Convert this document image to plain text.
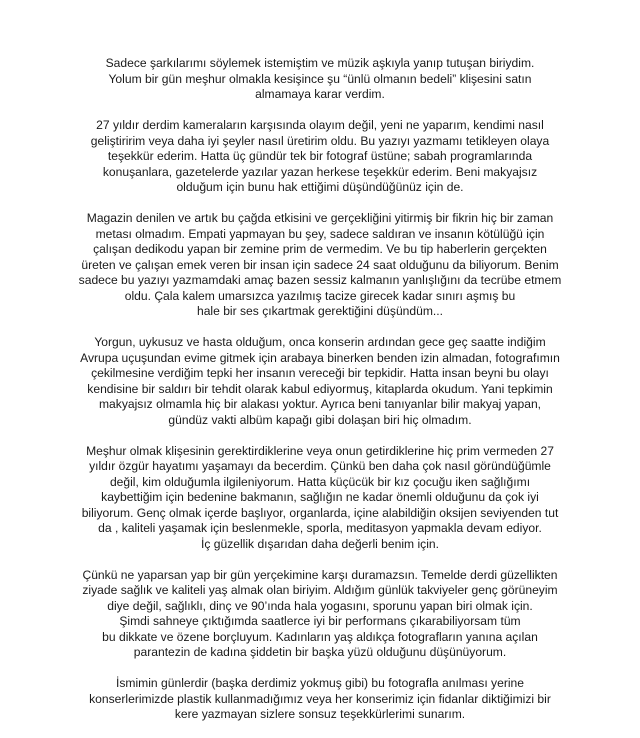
Sadece şarkılarımı söylemek istemiştim ve müzik aşkıyla yanıp tutuşan biriydim.
Yolum bir gün meşhur olmakla kesişince şu “ünlü olmanın bedeli” klişesini satın
almamaya karar verdim.

27 yıldır derdim kameraların karşısında olayım değil, yeni ne yaparım, kendimi nasıl
geliştiririm veya daha iyi şeyler nasıl üretirim oldu. Bu yazıyı yazmamı tetikleyen olaya
teşekkür ederim. Hatta üç gündür tek bir fotograf üstüne; sabah programlarında
konuşanlara, gazetelerde yazılar yazan herkese teşekkür ederim. Beni makyajsız
olduğum için bunu hak ettiğimi düşündüğünüz için de.

Magazin denilen ve artık bu çağda etkisini ve gerçekliğini yitirmiş bir fikrin hiç bir zaman
metası olmadım. Empati yapmayan bu şey, sadece saldıran ve insanın kötülüğü için
çalışan dedikodu yapan bir zemine prim de vermedim. Ve bu tip haberlerin gerçekten
üreten ve çalışan emek veren bir insan için sadece 24 saat olduğunu da biliyorum. Benim
sadece bu yazıyı yazmamdaki amaç bazen sessiz kalmanın yanlışlığını da tecrübe etmem
oldu. Çala kalem umarsızca yazılmış tacize girecek kadar sınırı aşmış bu
hale bir ses çıkartmak gerektiğini düşündüm...

Yorgun, uykusuz ve hasta olduğum, onca konserin ardından gece geç saatte indiğim
Avrupa uçuşundan evime gitmek için arabaya binerken benden izin almadan, fotografımın
çekilmesine verdiğim tepki her insanın vereceği bir tepkidir. Hatta insan beyni bu olayı
kendisine bir saldırı bir tehdit olarak kabul ediyormuş, kitaplarda okudum. Yani tepkimin
makyajsız olmamla hiç bir alakası yoktur. Ayrıca beni tanıyanlar bilir makyaj yapan,
gündüz vakti albüm kapağı gibi dolaşan biri hiç olmadım.

Meşhur olmak klişesinin gerektirdiklerine veya onun getirdiklerine hiç prim vermeden 27
yıldır özgür hayatımı yaşamayı da becerdim. Çünkü ben daha çok nasıl göründüğümle
değil, kim olduğumla ilgileniyorum. Hatta küçücük bir kız çocuğu iken sağlığımı
kaybettiğim için bedenine bakmanın, sağlığın ne kadar önemli olduğunu da çok iyi
biliyorum. Genç olmak içerde başlıyor, organlarda, içine alabildiğin oksijen seviyenden tut
da , kaliteli yaşamak için beslenmekle, sporla, meditasyon yapmakla devam ediyor.
İç güzellik dışarıdan daha değerli benim için.

Çünkü ne yaparsan yap bir gün yerçekimine karşı duramazsın. Temelde derdi güzellikten
ziyade sağlık ve kaliteli yaş almak olan biriyim. Aldığım günlük takviyeler genç görüneyim
diye değil, sağlıklı, dinç ve 90’ında hala yogasını, sporunu yapan biri olmak için.
Şimdi sahneye çıktığımda saatlerce iyi bir performans çıkarabiliyorsam tüm
bu dikkate ve özene borçluyum. Kadınların yaş aldıkça fotografların yanına açılan
parantezin de kadına şiddetin bir başka yüzü olduğunu düşünüyorum.

İsmimin günlerdir (başka derdimiz yokmuş gibi) bu fotografla anılması yerine
konserlerimizde plastik kullanmadığımız veya her konserimiz için fidanlar diktiğimizi bir
kere yazmayan sizlere sonsuz teşekkürlerimi sunarım.
